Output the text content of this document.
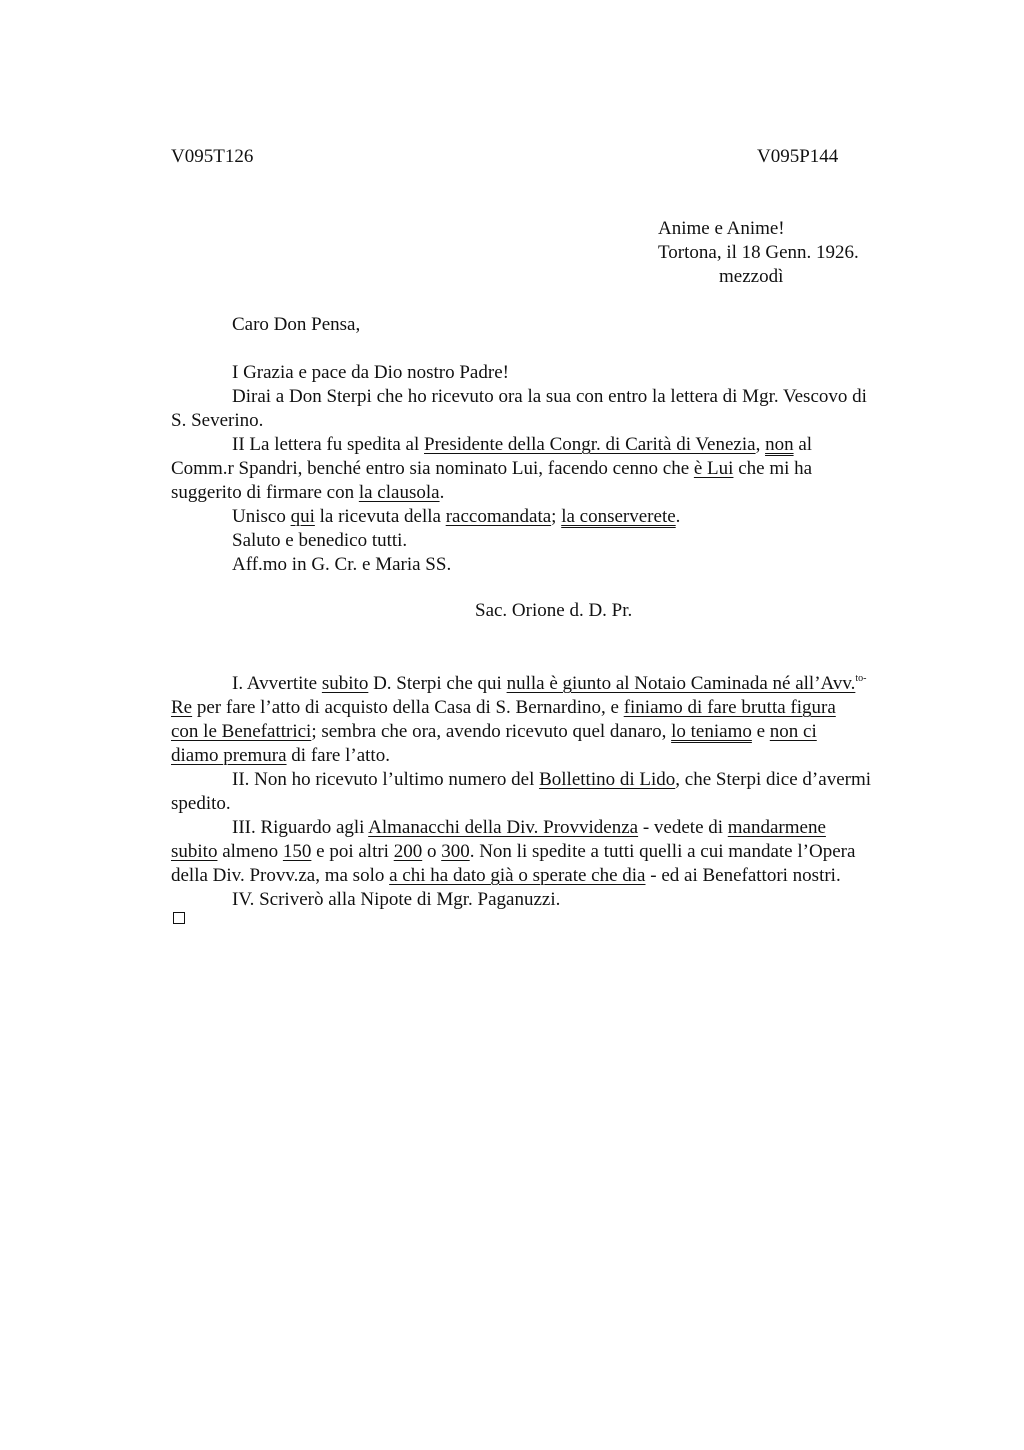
V095T126	V095P144
Anime e Anime!
Tortona, il 18 Genn. 1926.
mezzodì
Caro Don Pensa,
I Grazia e pace da Dio nostro Padre!
Dirai a Don Sterpi che ho ricevuto ora la sua con entro la lettera di Mgr. Vescovo di
S. Severino.
II La lettera fu spedita al Presidente della Congr. di Carità di Venezia, non al
Comm.r Spandri, benché entro sia nominato Lui, facendo cenno che è Lui che mi ha
suggerito di firmare con la clausola.
Unisco qui la ricevuta della raccomandata; la conserverete.
Saluto e benedico tutti.
Aff.mo in G. Cr. e Maria SS.
Sac. Orione d. D. Pr.
I. Avvertite subito D. Sterpi che qui nulla è giunto al Notaio Caminada né all’Avv.$^{to-}$
Re per fare l’atto di acquisto della Casa di S. Bernardino, e finiamo di fare brutta figura
con le Benefattrici; sembra che ora, avendo ricevuto quel danaro, lo teniamo e non ci
diamo premura di fare l’atto.
II. Non ho ricevuto l’ultimo numero del Bollettino di Lido, che Sterpi dice d’avermi
spedito.
III. Riguardo agli Almanacchi della Div. Provvidenza - vedete di mandarmene
subito almeno 150 e poi altri 200 o 300. Non li spedite a tutti quelli a cui mandate l’Opera
della Div. Provv.za, ma solo a chi ha dato già o sperate che dia - ed ai Benefattori nostri.
IV. Scriverò alla Nipote di Mgr. Paganuzzi.
